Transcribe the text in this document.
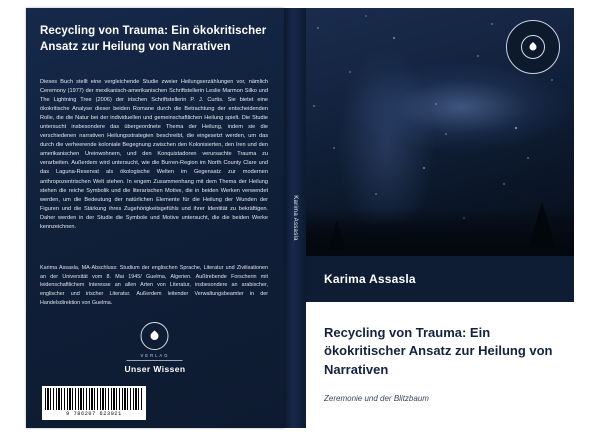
Recycling von Trauma: Ein ökokritischer Ansatz zur Heilung von Narrativen
Dieses Buch stellt eine vergleichende Studie zweier Heilungserzählungen vor, nämlich Ceremony (1977) der mexikanisch-amerikanischen Schriftstellerin Leslie Marmon Silko und The Lightning Tree (2006) der irischen Schriftstellerin P. J. Curtis. Sie bietet eine ökokritische Analyse dieser beiden Romane durch die Betrachtung der entscheidenden Rolle, die die Natur bei der individuellen und gemeinschaftlichen Heilung spielt. Die Studie untersucht insbesondere das übergeordnete Thema der Heilung, indem sie die verschiedenen narrativen Heilungsstrategien beschreibt, die eingesetzt werden, um das durch die verheerende koloniale Begegnung zwischen den Kolonisierten, den Iren und den amerikanischen Ureinwohnern, und den Konquistadoren verursachte Trauma zu verarbeiten. Außerdem wird untersucht, wie die Burren-Region im North County Clare und das Laguna-Reservat als ökologische Welten im Gegensatz zur modernen anthropozentrischen Welt stehen. In engem Zusammenhang mit dem Thema der Heilung stehen die reiche Symbolik und die literarischen Motive, die in beiden Werken verwendet werden, um die Bedeutung der natürlichen Elemente für die Heilung der Wunden der Figuren und die Stärkung ihres Zugehörigkeitsgefühls und ihrer Identität zu bekräftigen. Daher werden in der Studie die Symbole und Motive untersucht, die die beiden Werke kennzeichnen.
Karima Assasla, MA-Abschluss: Studium der englischen Sprache, Literatur und Zivilisationen an der Universität vom 8. Mai 1945/ Guelma, Algerien. Außtrebende Forscherin mit leidenschaftlichem Interesse an allen Arten von Literatur, insbesondere an arabischer, englischer und irischer Literatur. Außerdem leitender Verwaltungsbeamter in der Handelsdirektion von Guelma.
VERLAG
Unser Wissen
9 786207 623921
Karima Assasla
Karima Assasla
Recycling von Trauma: Ein ökokritischer Ansatz zur Heilung von Narrativen
Zeremonie und der Blitzbaum
